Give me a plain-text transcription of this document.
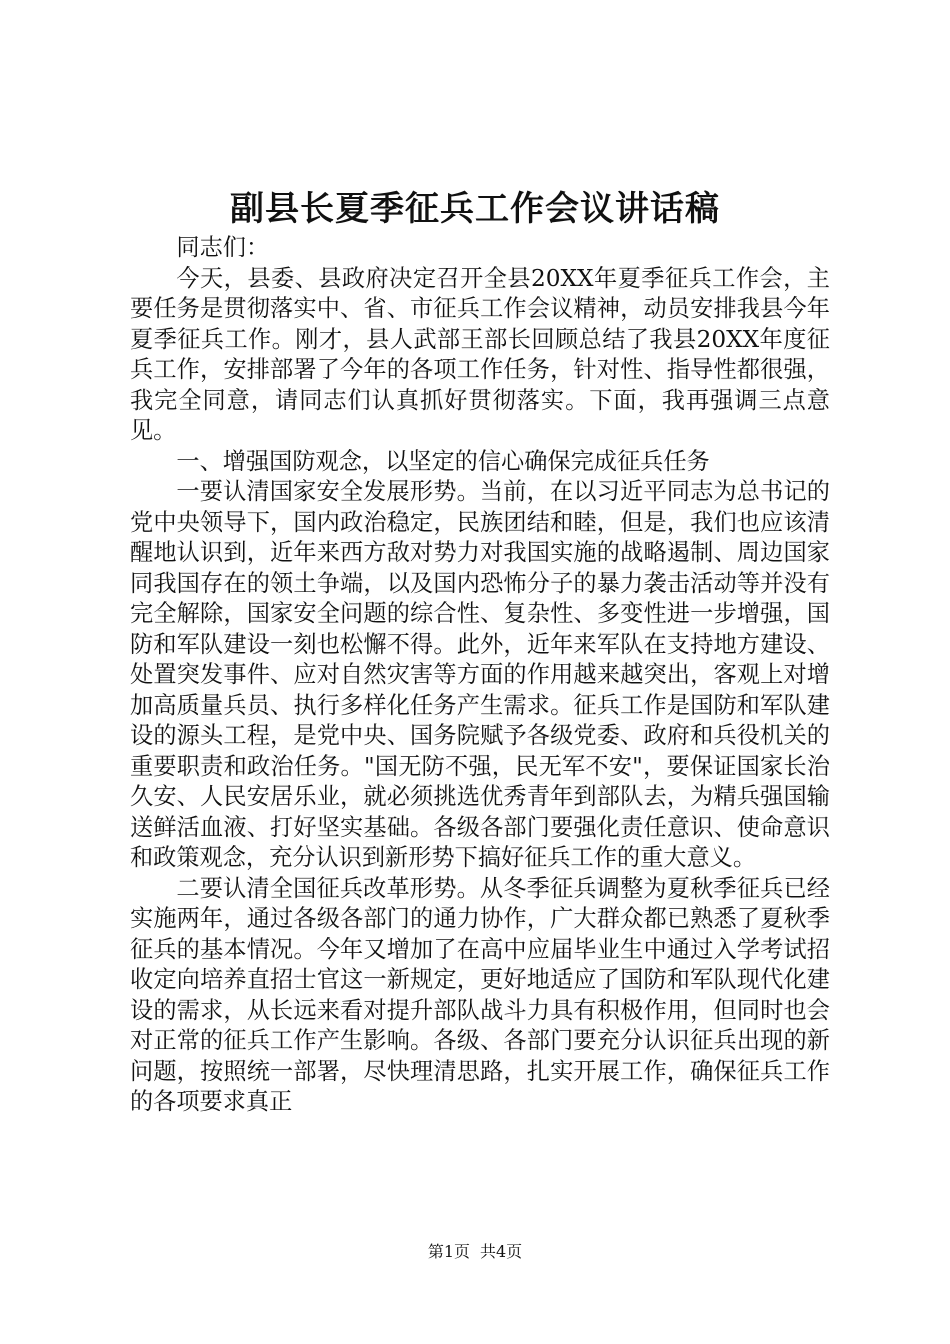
副县长夏季征兵工作会议讲话稿

同志们：

今天，县委、县政府决定召开全县20XX年夏季征兵工作会，主要任务是贯彻落实中、省、市征兵工作会议精神，动员安排我县今年夏季征兵工作。刚才，县人武部王部长回顾总结了我县20XX年度征兵工作，安排部署了今年的各项工作任务，针对性、指导性都很强，我完全同意，请同志们认真抓好贯彻落实。下面，我再强调三点意见。

一、增强国防观念，以坚定的信心确保完成征兵任务

一要认清国家安全发展形势。当前，在以习近平同志为总书记的党中央领导下，国内政治稳定，民族团结和睦，但是，我们也应该清醒地认识到，近年来西方敌对势力对我国实施的战略遏制、周边国家同我国存在的领土争端，以及国内恐怖分子的暴力袭击活动等并没有完全解除，国家安全问题的综合性、复杂性、多变性进一步增强，国防和军队建设一刻也松懈不得。此外，近年来军队在支持地方建设、处置突发事件、应对自然灾害等方面的作用越来越突出，客观上对增加高质量兵员、执行多样化任务产生需求。征兵工作是国防和军队建设的源头工程，是党中央、国务院赋予各级党委、政府和兵役机关的重要职责和政治任务。"国无防不强，民无军不安"，要保证国家长治久安、人民安居乐业，就必须挑选优秀青年到部队去，为精兵强国输送鲜活血液、打好坚实基础。各级各部门要强化责任意识、使命意识和政策观念，充分认识到新形势下搞好征兵工作的重大意义。

二要认清全国征兵改革形势。从冬季征兵调整为夏秋季征兵已经实施两年，通过各级各部门的通力协作，广大群众都已熟悉了夏秋季征兵的基本情况。今年又增加了在高中应届毕业生中通过入学考试招收定向培养直招士官这一新规定，更好地适应了国防和军队现代化建设的需求，从长远来看对提升部队战斗力具有积极作用，但同时也会对正常的征兵工作产生影响。各级、各部门要充分认识征兵出现的新问题，按照统一部署，尽快理清思路，扎实开展工作，确保征兵工作的各项要求真正

第1页 共4页
